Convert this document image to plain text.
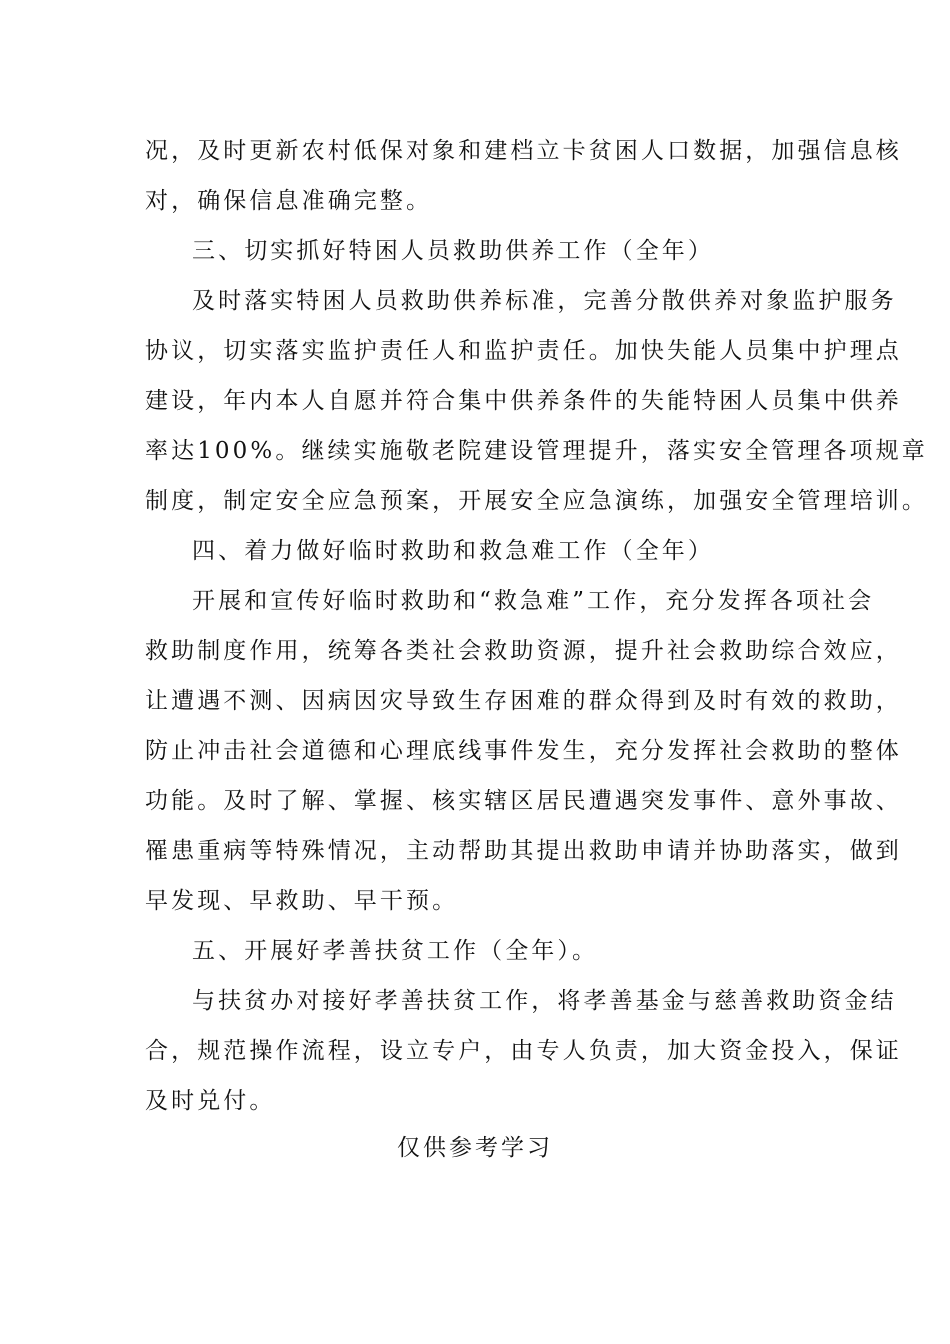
况，及时更新农村低保对象和建档立卡贫困人口数据，加强信息核
对，确保信息准确完整。
三、切实抓好特困人员救助供养工作（全年）
及时落实特困人员救助供养标准，完善分散供养对象监护服务
协议，切实落实监护责任人和监护责任。加快失能人员集中护理点
建设，年内本人自愿并符合集中供养条件的失能特困人员集中供养
率达100%。继续实施敬老院建设管理提升，落实安全管理各项规章
制度，制定安全应急预案，开展安全应急演练，加强安全管理培训。
四、着力做好临时救助和救急难工作（全年）
开展和宣传好临时救助和“救急难”工作，充分发挥各项社会
救助制度作用，统筹各类社会救助资源，提升社会救助综合效应，
让遭遇不测、因病因灾导致生存困难的群众得到及时有效的救助，
防止冲击社会道德和心理底线事件发生，充分发挥社会救助的整体
功能。及时了解、掌握、核实辖区居民遭遇突发事件、意外事故、
罹患重病等特殊情况，主动帮助其提出救助申请并协助落实，做到
早发现、早救助、早干预。
五、开展好孝善扶贫工作（全年）。
与扶贫办对接好孝善扶贫工作，将孝善基金与慈善救助资金结
合，规范操作流程，设立专户，由专人负责，加大资金投入，保证
及时兑付。
仅供参考学习
